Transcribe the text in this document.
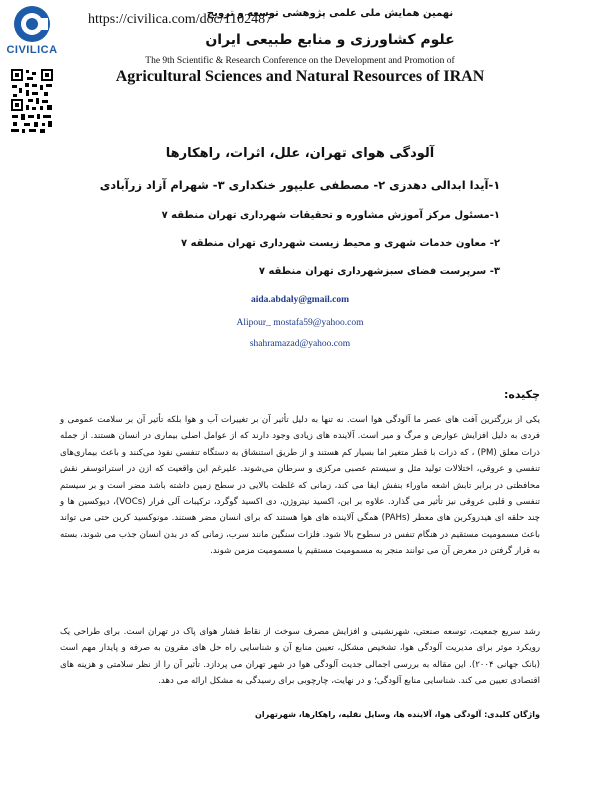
CIVILICA
نهمین همایش ملی علمی پژوهشی توسعه و ترویج
https://civilica.com/doc/1102487
علوم کشاورزی و منابع طبیعی ایران
The 9th Scientific & Research Conference on the Development and Promotion of
Agricultural Sciences and Natural Resources of IRAN
آلودگی هوای تهران، علل، اثرات، راهکارها
۱-آیدا ابدالی دهدزی ۲- مصطفی علیپور خنکداری ۳- شهرام آزاد زرآبادی
۱-مسئول مرکز آموزش مشاوره و تحقیقات شهرداری تهران منطقه ۷
۲- معاون خدمات شهری و محیط زیست شهرداری تهران منطقه ۷
۳- سرپرست فضای سبزشهرداری تهران منطقه ۷
aida.abdaly@gmail.com
Alipour_ mostafa59@yahoo.com
shahramazad@yahoo.com
چکیده:

یکی از بزرگترین آفت های عصر ما آلودگی هوا است. نه تنها به دلیل تأثیر آن بر تغییرات آب و هوا بلکه تأثیر آن بر سلامت عمومی و فردی به دلیل افزایش عوارض و مرگ و میر است. آلاینده های زیادی وجود دارند که از عوامل اصلی بیماری در انسان هستند. از جمله ذرات معلق (PM) ، که ذرات با قطر متغیر اما بسیار کم هستند و از طریق استنشاق به دستگاه تنفسی نفوذ می‌کنند و باعث بیماری‌های تنفسی و عروقی، اختلالات تولید مثل و سیستم عصبی مرکزی و سرطان می‌شوند. علیرغم این واقعیت که ازن در استراتوسفر نقش محافظتی در برابر تابش اشعه ماوراء بنفش ایفا می کند، زمانی که غلظت بالایی در سطح زمین داشته باشد مضر است و بر سیستم تنفسی و قلبی عروقی نیز تأثیر می گذارد. علاوه بر این، اکسید نیتروژن، دی اکسید گوگرد، ترکیبات آلی فرار (VOCs)، دیوکسین ها و چند حلقه ای هیدروکربن های معطر (PAHs) همگی آلاینده های هوا هستند که برای انسان مضر هستند. مونوکسید کربن حتی می تواند باعث مسمومیت مستقیم در هنگام تنفس در سطوح بالا شود. فلزات سنگین مانند سرب، زمانی که در بدن انسان جذب می شوند، بسته به قرار گرفتن در معرض آن می توانند منجر به مسمومیت مستقیم یا مسمومیت مزمن شوند.

رشد سریع جمعیت، توسعه صنعتی، شهرنشینی و افزایش مصرف سوخت از نقاط فشار هوای پاک در تهران است. برای طراحی یک رویکرد موثر برای مدیریت آلودگی هوا، تشخیص مشکل، تعیین منابع آن و شناسایی راه حل های مقرون به صرفه و پایدار مهم است (بانک جهانی ۲۰۰۴). این مقاله به بررسی اجمالی جدیت آلودگی هوا در شهر تهران می پردازد. تأثیر آن را از نظر سلامتی و هزینه های اقتصادی تعیین می کند. شناسایی منابع آلودگی؛ و در نهایت، چارچوبی برای رسیدگی به مشکل ارائه می دهد.

واژگان کلیدی: آلودگی هوا، آلاینده ها، وسایل نقلیه، راهکارها، شهرتهران
